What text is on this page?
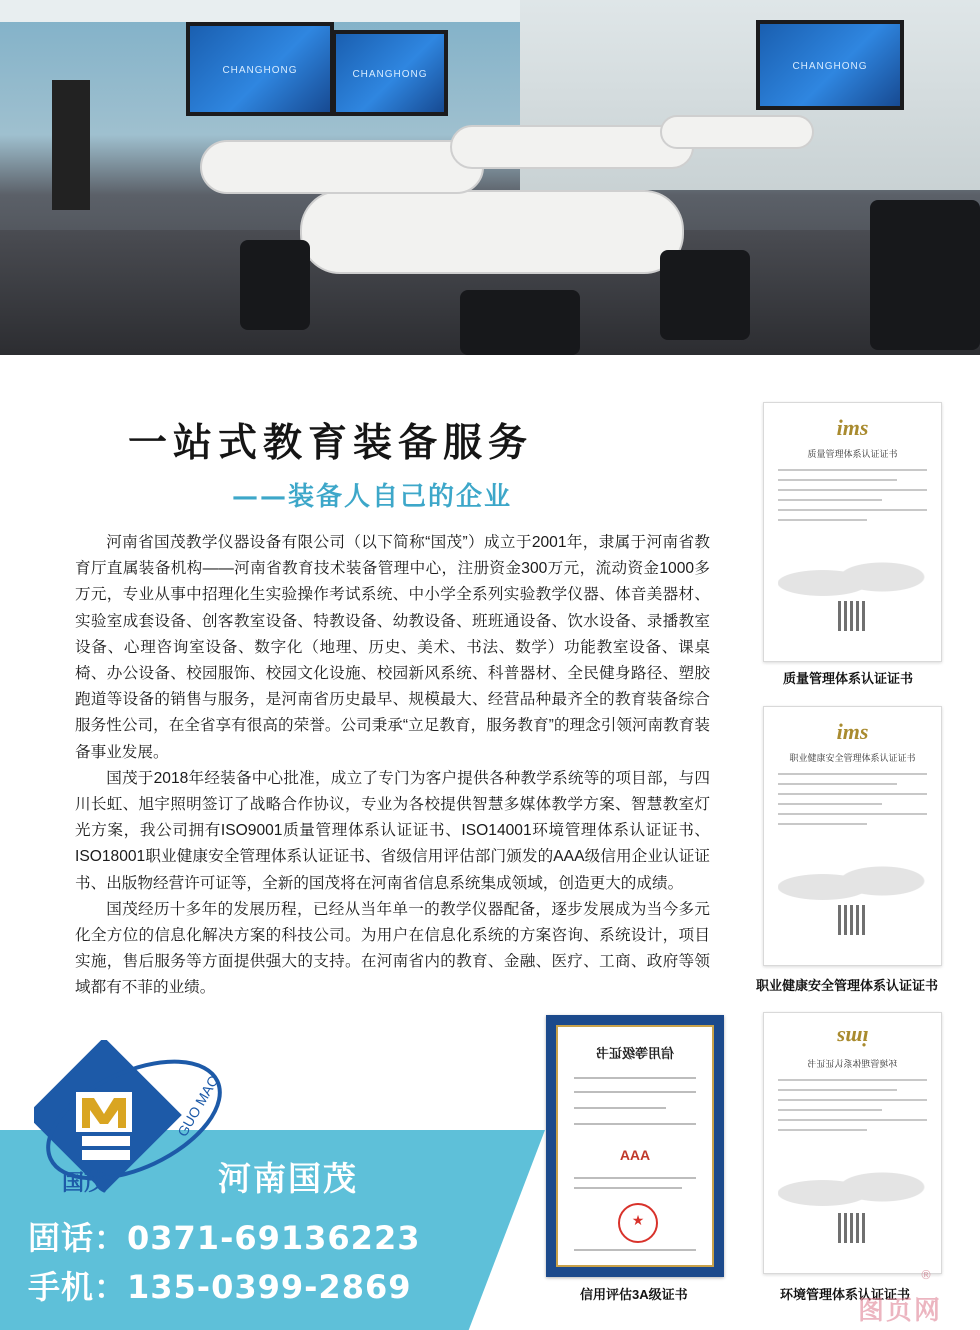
CHANGHONG	CHANGHONG
CHANGHONG
一站式教育装备服务
——装备人自己的企业

河南省国茂教学仪器设备有限公司（以下简称“国茂”）成立于2001年，隶属于河南省教育厅直属装备机构——河南省教育技术装备管理中心，注册资金300万元，流动资金1000多万元，专业从事中招理化生实验操作考试系统、中小学全系列实验教学仪器、体音美器材、实验室成套设备、创客教室设备、特教设备、幼教设备、班班通设备、饮水设备、录播教室设备、心理咨询室设备、数字化（地理、历史、美术、书法、数学）功能教室设备、课桌椅、办公设备、校园服饰、校园文化设施、校园新风系统、科普器材、全民健身路径、塑胶跑道等设备的销售与服务，是河南省历史最早、规模最大、经营品种最齐全的教育装备综合服务性公司，在全省享有很高的荣誉。公司秉承“立足教育，服务教育”的理念引领河南教育装备事业发展。

国茂于2018年经装备中心批准，成立了专门为客户提供各种教学系统等的项目部，与四川长虹、旭宇照明签订了战略合作协议，专业为各校提供智慧多媒体教学方案、智慧教室灯光方案，我公司拥有ISO9001质量管理体系认证证书、ISO14001环境管理体系认证证书、ISO18001职业健康安全管理体系认证证书、省级信用评估部门颁发的AAA级信用企业认证证书、出版物经营许可证等，全新的国茂将在河南省信息系统集成领域，创造更大的成绩。

国茂经历十多年的发展历程，已经从当年单一的教学仪器配备，逐步发展成为当今多元化全方位的信息化解决方案的科技公司。为用户在信息化系统的方案咨询、系统设计，项目实施，售后服务等方面提供强大的支持。在河南省内的教育、金融、医疗、工商、政府等领域都有不菲的业绩。

ims
质量管理体系认证证书
质量管理体系认证证书
ims
职业健康安全管理体系认证证书
职业健康安全管理体系认证证书
信用等级证书
AAA
★
信用评估3A级证书
ims
环境管理体系认证证书
环境管理体系认证证书
GUO MAO
国茂	河南国茂
固话：0371-69136223
手机：135-0399-2869	®
图页网
